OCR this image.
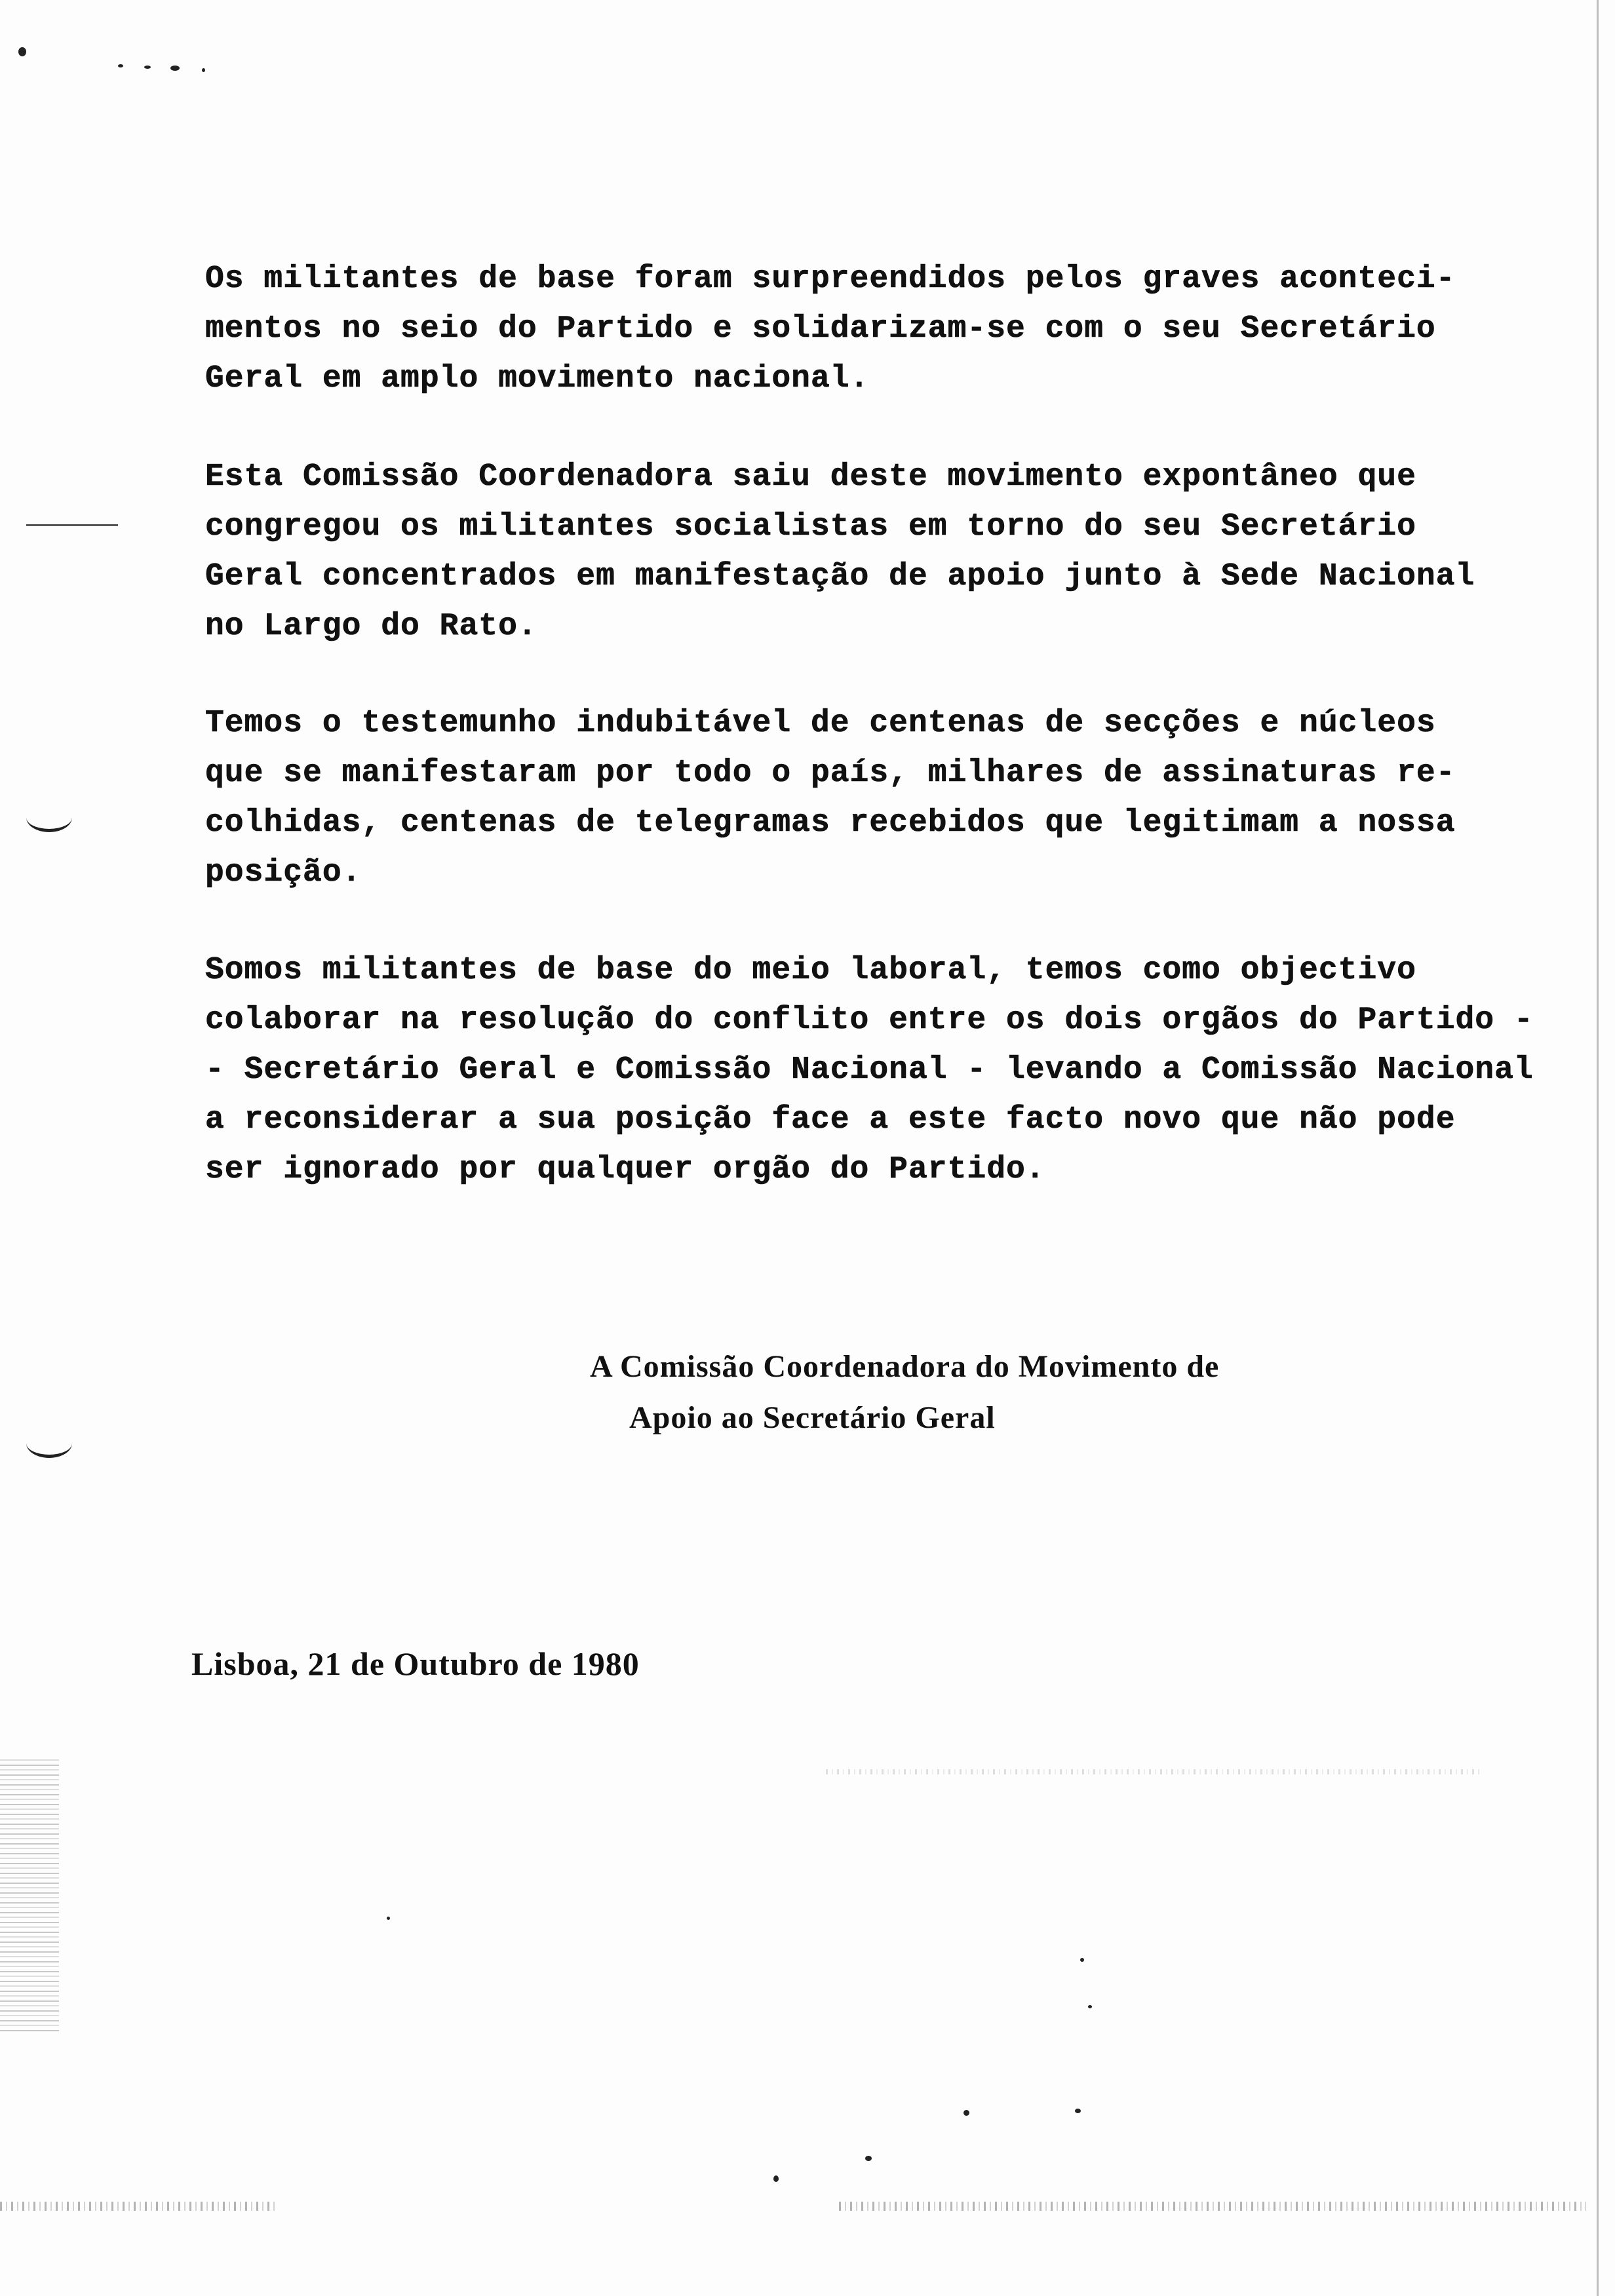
Os militantes de base foram surpreendidos pelos graves aconteci-
mentos no seio do Partido e solidarizam-se com o seu Secretário
Geral em amplo movimento nacional.
Esta Comissão Coordenadora saiu deste movimento expontâneo que
congregou os militantes socialistas em torno do seu Secretário
Geral concentrados em manifestação de apoio junto à Sede Nacional
no Largo do Rato.
Temos o testemunho indubitável de centenas de secções e núcleos
que se manifestaram por todo o país, milhares de assinaturas re-
colhidas, centenas de telegramas recebidos que legitimam a nossa
posição.
Somos militantes de base do meio laboral, temos como objectivo
colaborar na resolução do conflito entre os dois orgãos do Partido -
- Secretário Geral e Comissão Nacional - levando a Comissão Nacional
a reconsiderar a sua posição face a este facto novo que não pode
ser ignorado por qualquer orgão do Partido.
A Comissão Coordenadora do Movimento de
Apoio ao Secretário Geral
Lisboa, 21 de Outubro de 1980
